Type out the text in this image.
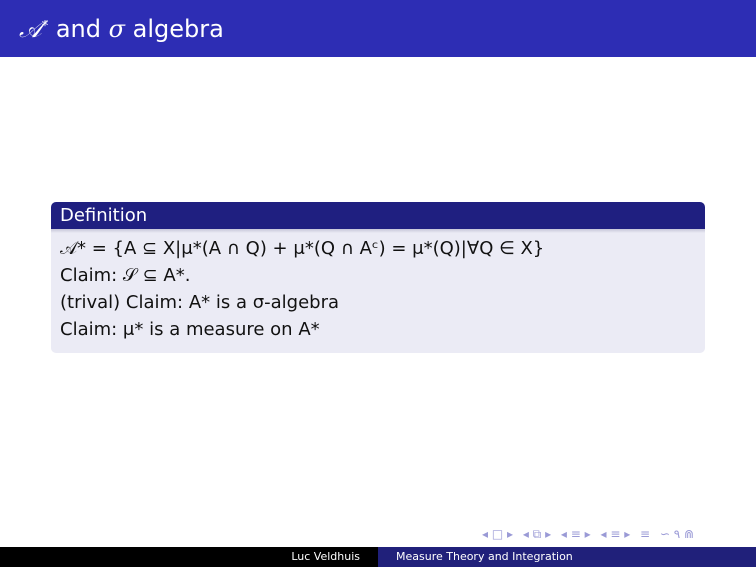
𝒜* and σ algebra
Definition
𝒜* = {A ⊆ X|μ*(A ∩ Q) + μ*(Q ∩ Aᶜ) = μ*(Q)|∀Q ∈ X}
Claim: 𝒮 ⊆ A*.
(trival) Claim: A* is a σ-algebra
Claim: μ* is a measure on A*
◂ □ ▸ ◂ ⧉ ▸ ◂ ≡ ▸ ◂ ≡ ▸ ≡ ∽ ۹ ⋒
Luc Veldhuis	Measure Theory and Integration
